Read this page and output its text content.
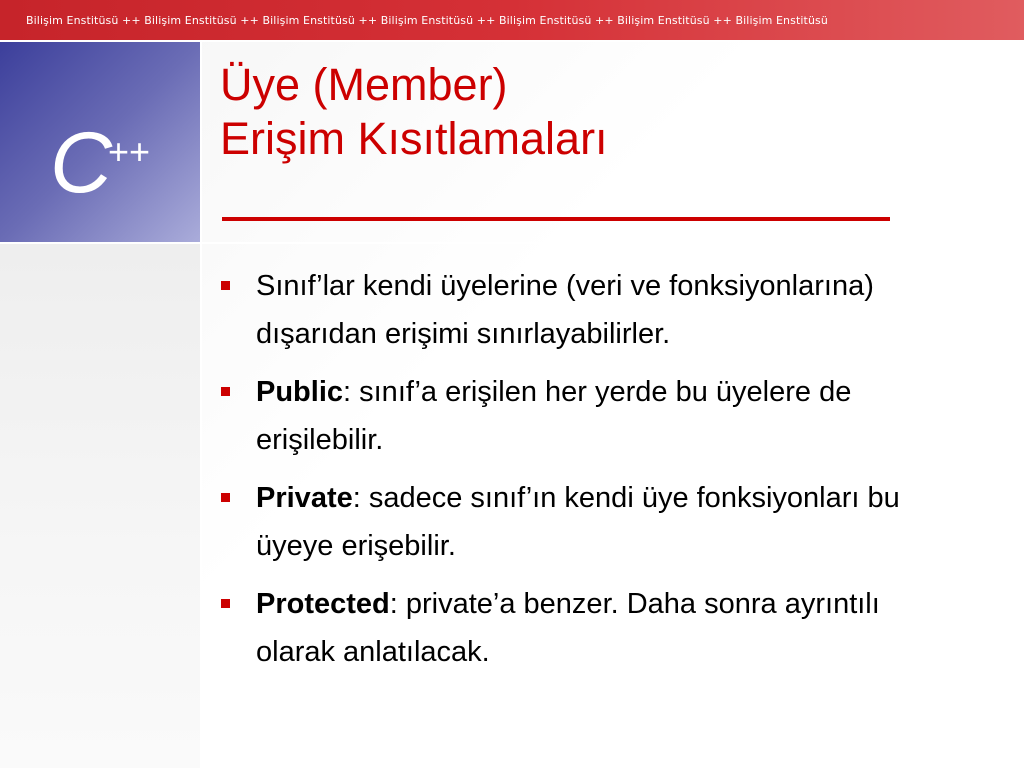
Bilişim Enstitüsü ++ Bilişim Enstitüsü ++ Bilişim Enstitüsü ++ Bilişim Enstitüsü ++ Bilişim Enstitüsü ++ Bilişim Enstitüsü ++ Bilişim Enstitüsü
C
++
Üye (Member)
Erişim Kısıtlamaları
Sınıf’lar kendi üyelerine (veri ve fonksiyonlarına) dışarıdan erişimi sınırlayabilirler.
Public: sınıf’a erişilen her yerde bu üyelere de erişilebilir.
Private: sadece sınıf’ın kendi üye fonksiyonları bu üyeye erişebilir.
Protected: private’a benzer. Daha sonra ayrıntılı olarak anlatılacak.
